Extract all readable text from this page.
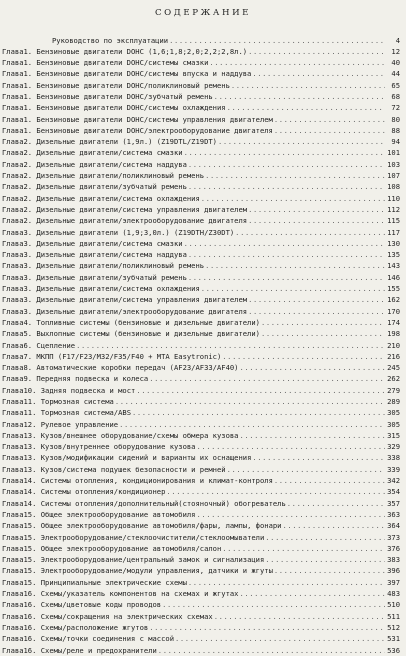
СОДЕРЖАНИЕ
Руководство по эксплуатации .....	4
Глава1. Бензиновые двигатели DOHC (1,6;1,8;2,0;2,2;2,8л.) .....	12
Глава1. Бензиновые двигатели DOHC/системы смазки .....	40
Глава1. Бензиновые двигатели DOHC/системы впуска и наддува .....	44
Глава1. Бензиновые двигатели DOHC/поликлиновый ремень .....	65
Глава1. Бензиновые двигатели DOHC/зубчатый ремень .....	68
Глава1. Бензиновые двигатели DOHC/системы охлаждения .....	72
Глава1. Бензиновые двигатели DOHC/системы управления двигателем .....	80
Глава1. Бензиновые двигатели DOHC/электрооборудование двигателя .....	88
Глава2. Дизельные двигатели (1,9л.) (Z19DTL/Z19DT) .....	94
Глава2. Дизельные двигатели/система смазки .....	101
Глава2. Дизельные двигатели/система наддува .....	103
Глава2. Дизельные двигатели/поликлиновый ремень .....	107
Глава2. Дизельные двигатели/зубчатый ремень .....	108
Глава2. Дизельные двигатели/система охлаждения .....	110
Глава2. Дизельные двигатели/система управления двигателем .....	112
Глава2. Дизельные двигатели/электрооборудование двигателя .....	115
Глава3. Дизельные двигатели (1,9;3,0л.) (Z19DTH/Z30DT) .....	117
Глава3. Дизельные двигатели/система смазки .....	130
Глава3. Дизельные двигатели/система наддува .....	135
Глава3. Дизельные двигатели/поликлиновый ремень .....	143
Глава3. Дизельные двигатели/зубчатый ремень .....	146
Глава3. Дизельные двигатели/система охлаждения .....	155
Глава3. Дизельные двигатели/система управления двигателем .....	162
Глава3. Дизельные двигатели/электрооборудование двигателя .....	170
Глава4. Топливные системы (бензиновые и дизельные двигатели) .....	174
Глава5. Выхлопные системы (бензиновые и дизельные двигатели) .....	198
Глава6. Сцепление .....	210
Глава7. МКПП (F17/F23/M32/F35/F40 + MTA Easytronic) .....	216
Глава8. Автоматические коробки передач (AF23/AF33/AF40) .....	245
Глава9. Передняя подвеска и колеса .....	262
Глава10. Задняя подвеска и мост .....	279
Глава11. Тормозная система .....	289
Глава11. Тормозная система/ABS .....	305
Глава12. Рулевое управление .....	305
Глава13. Кузов/внешнее оборудование/схемы обмера кузова .....	315
Глава13. Кузов/внутреннее оборудование кузова .....	329
Глава13. Кузов/модификации сидений и варианты их оснащения .....	338
Глава13. Кузов/система подушек безопасности и ремней .....	339
Глава14. Системы отопления, кондиционирования и климат-контроля .....	342
Глава14. Системы отопления/кондиционер .....	354
Глава14. Системы отопления/дополнительный(стояночный) обогреватель .....	357
Глава15. Общее электрооборудование автомобиля .....	363
Глава15. Общее электрооборудование автомобиля/фары, лампы, фонари .....	364
Глава15. Электрооборудование/стеклоочистители/стеклоомыватели .....	373
Глава15. Общее электрооборудование автомобиля/салон .....	376
Глава15. Электрооборудование/центральный замок и сигнализация .....	383
Глава15. Электрооборудование/модули управления, датчики и жгуты .....	396
Глава15. Принципиальные электрические схемы .....	397
Глава16. Схемы/указатель компонентов на схемах и жгутах .....	483
Глава16. Схемы/цветовые коды проводов .....	510
Глава16. Схемы/сокращения на электрических схемах .....	511
Глава16. Схемы/расположение жгутов .....	512
Глава16. Схемы/точки соединения с массой .....	531
Глава16. Схемы/реле и предохранители .....	536
